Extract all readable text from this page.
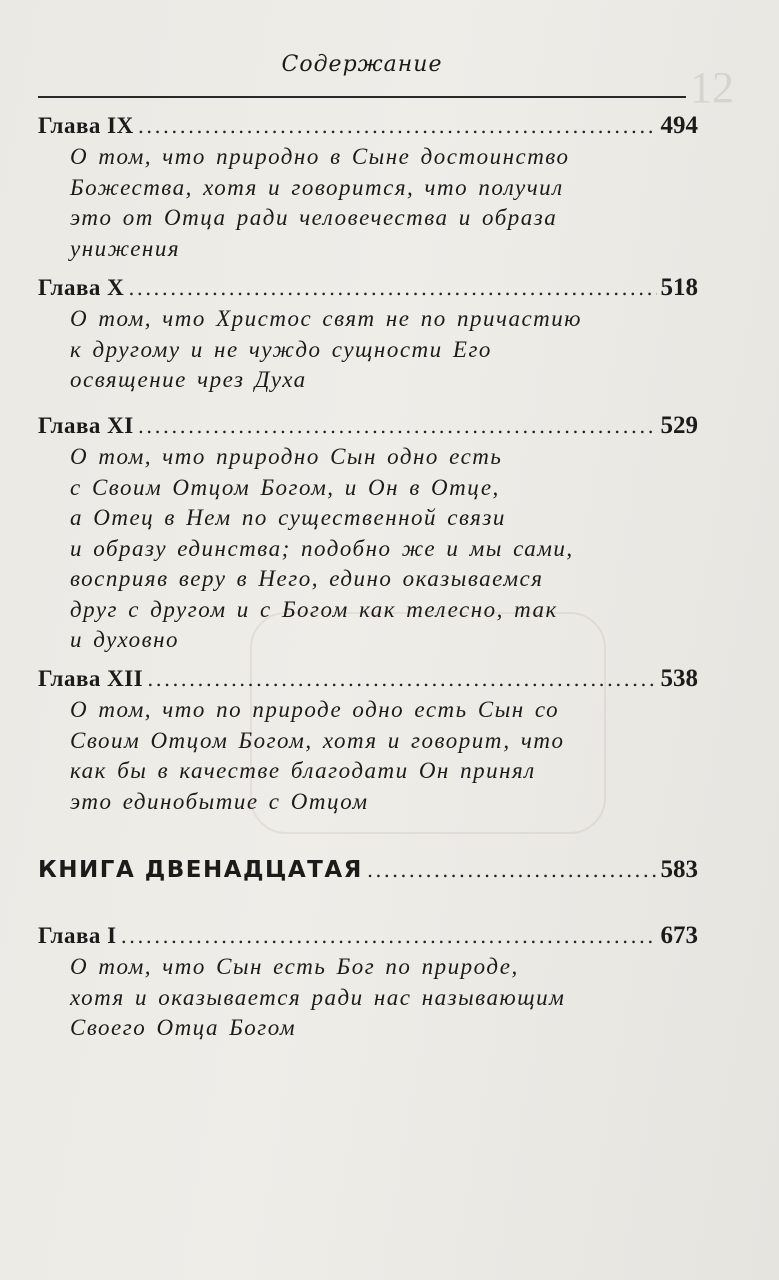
12
Содержание
Глава IX .....	494
О том, что природно в Сыне достоинство
Божества, хотя и говорится, что получил
это от Отца ради человечества и образа
унижения
Глава X .....	518
О том, что Христос свят не по причастию
к другому и не чуждо сущности Его
освящение чрез Духа
Глава XI .....	529
О том, что природно Сын одно есть
с Своим Отцом Богом, и Он в Отце,
а Отец в Нем по существенной связи
и образу единства; подобно же и мы сами,
восприяв веру в Него, едино оказываемся
друг с другом и с Богом как телесно, так
и духовно
Глава XII .....	538
О том, что по природе одно есть Сын со
Своим Отцом Богом, хотя и говорит, что
как бы в качестве благодати Он принял
это единобытие с Отцом
КНИГА ДВЕНАДЦАТАЯ .....	583
Глава I .....	673
О том, что Сын есть Бог по природе,
хотя и оказывается ради нас называющим
Своего Отца Богом
